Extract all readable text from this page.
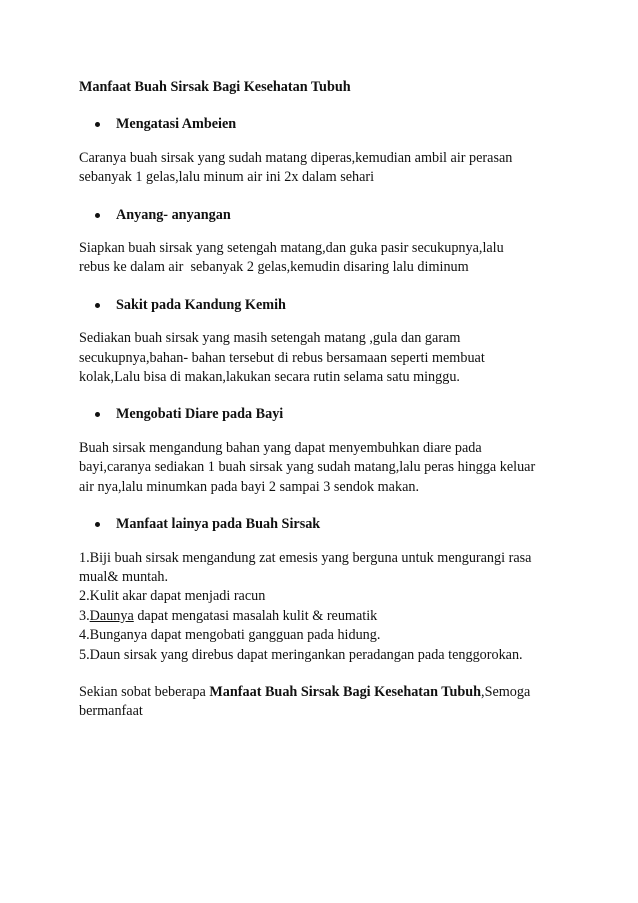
Manfaat Buah Sirsak Bagi Kesehatan Tubuh

Mengatasi Ambeien

Caranya buah sirsak yang sudah matang diperas,kemudian ambil air perasan
sebanyak 1 gelas,lalu minum air ini 2x dalam sehari

Anyang- anyangan

Siapkan buah sirsak yang setengah matang,dan guka pasir secukupnya,lalu
rebus ke dalam air  sebanyak 2 gelas,kemudin disaring lalu diminum

Sakit pada Kandung Kemih

Sediakan buah sirsak yang masih setengah matang ,gula dan garam
secukupnya,bahan- bahan tersebut di rebus bersamaan seperti membuat
kolak,Lalu bisa di makan,lakukan secara rutin selama satu minggu.

Mengobati Diare pada Bayi

Buah sirsak mengandung bahan yang dapat menyembuhkan diare pada
bayi,caranya sediakan 1 buah sirsak yang sudah matang,lalu peras hingga keluar
air nya,lalu minumkan pada bayi 2 sampai 3 sendok makan.

Manfaat lainya pada Buah Sirsak
1.Biji buah sirsak mengandung zat emesis yang berguna untuk mengurangi rasa
mual& muntah.
2.Kulit akar dapat menjadi racun
3.Daunya dapat mengatasi masalah kulit & reumatik
4.Bunganya dapat mengobati gangguan pada hidung.
5.Daun sirsak yang direbus dapat meringankan peradangan pada tenggorokan.

Sekian sobat beberapa Manfaat Buah Sirsak Bagi Kesehatan Tubuh,Semoga
bermanfaat
